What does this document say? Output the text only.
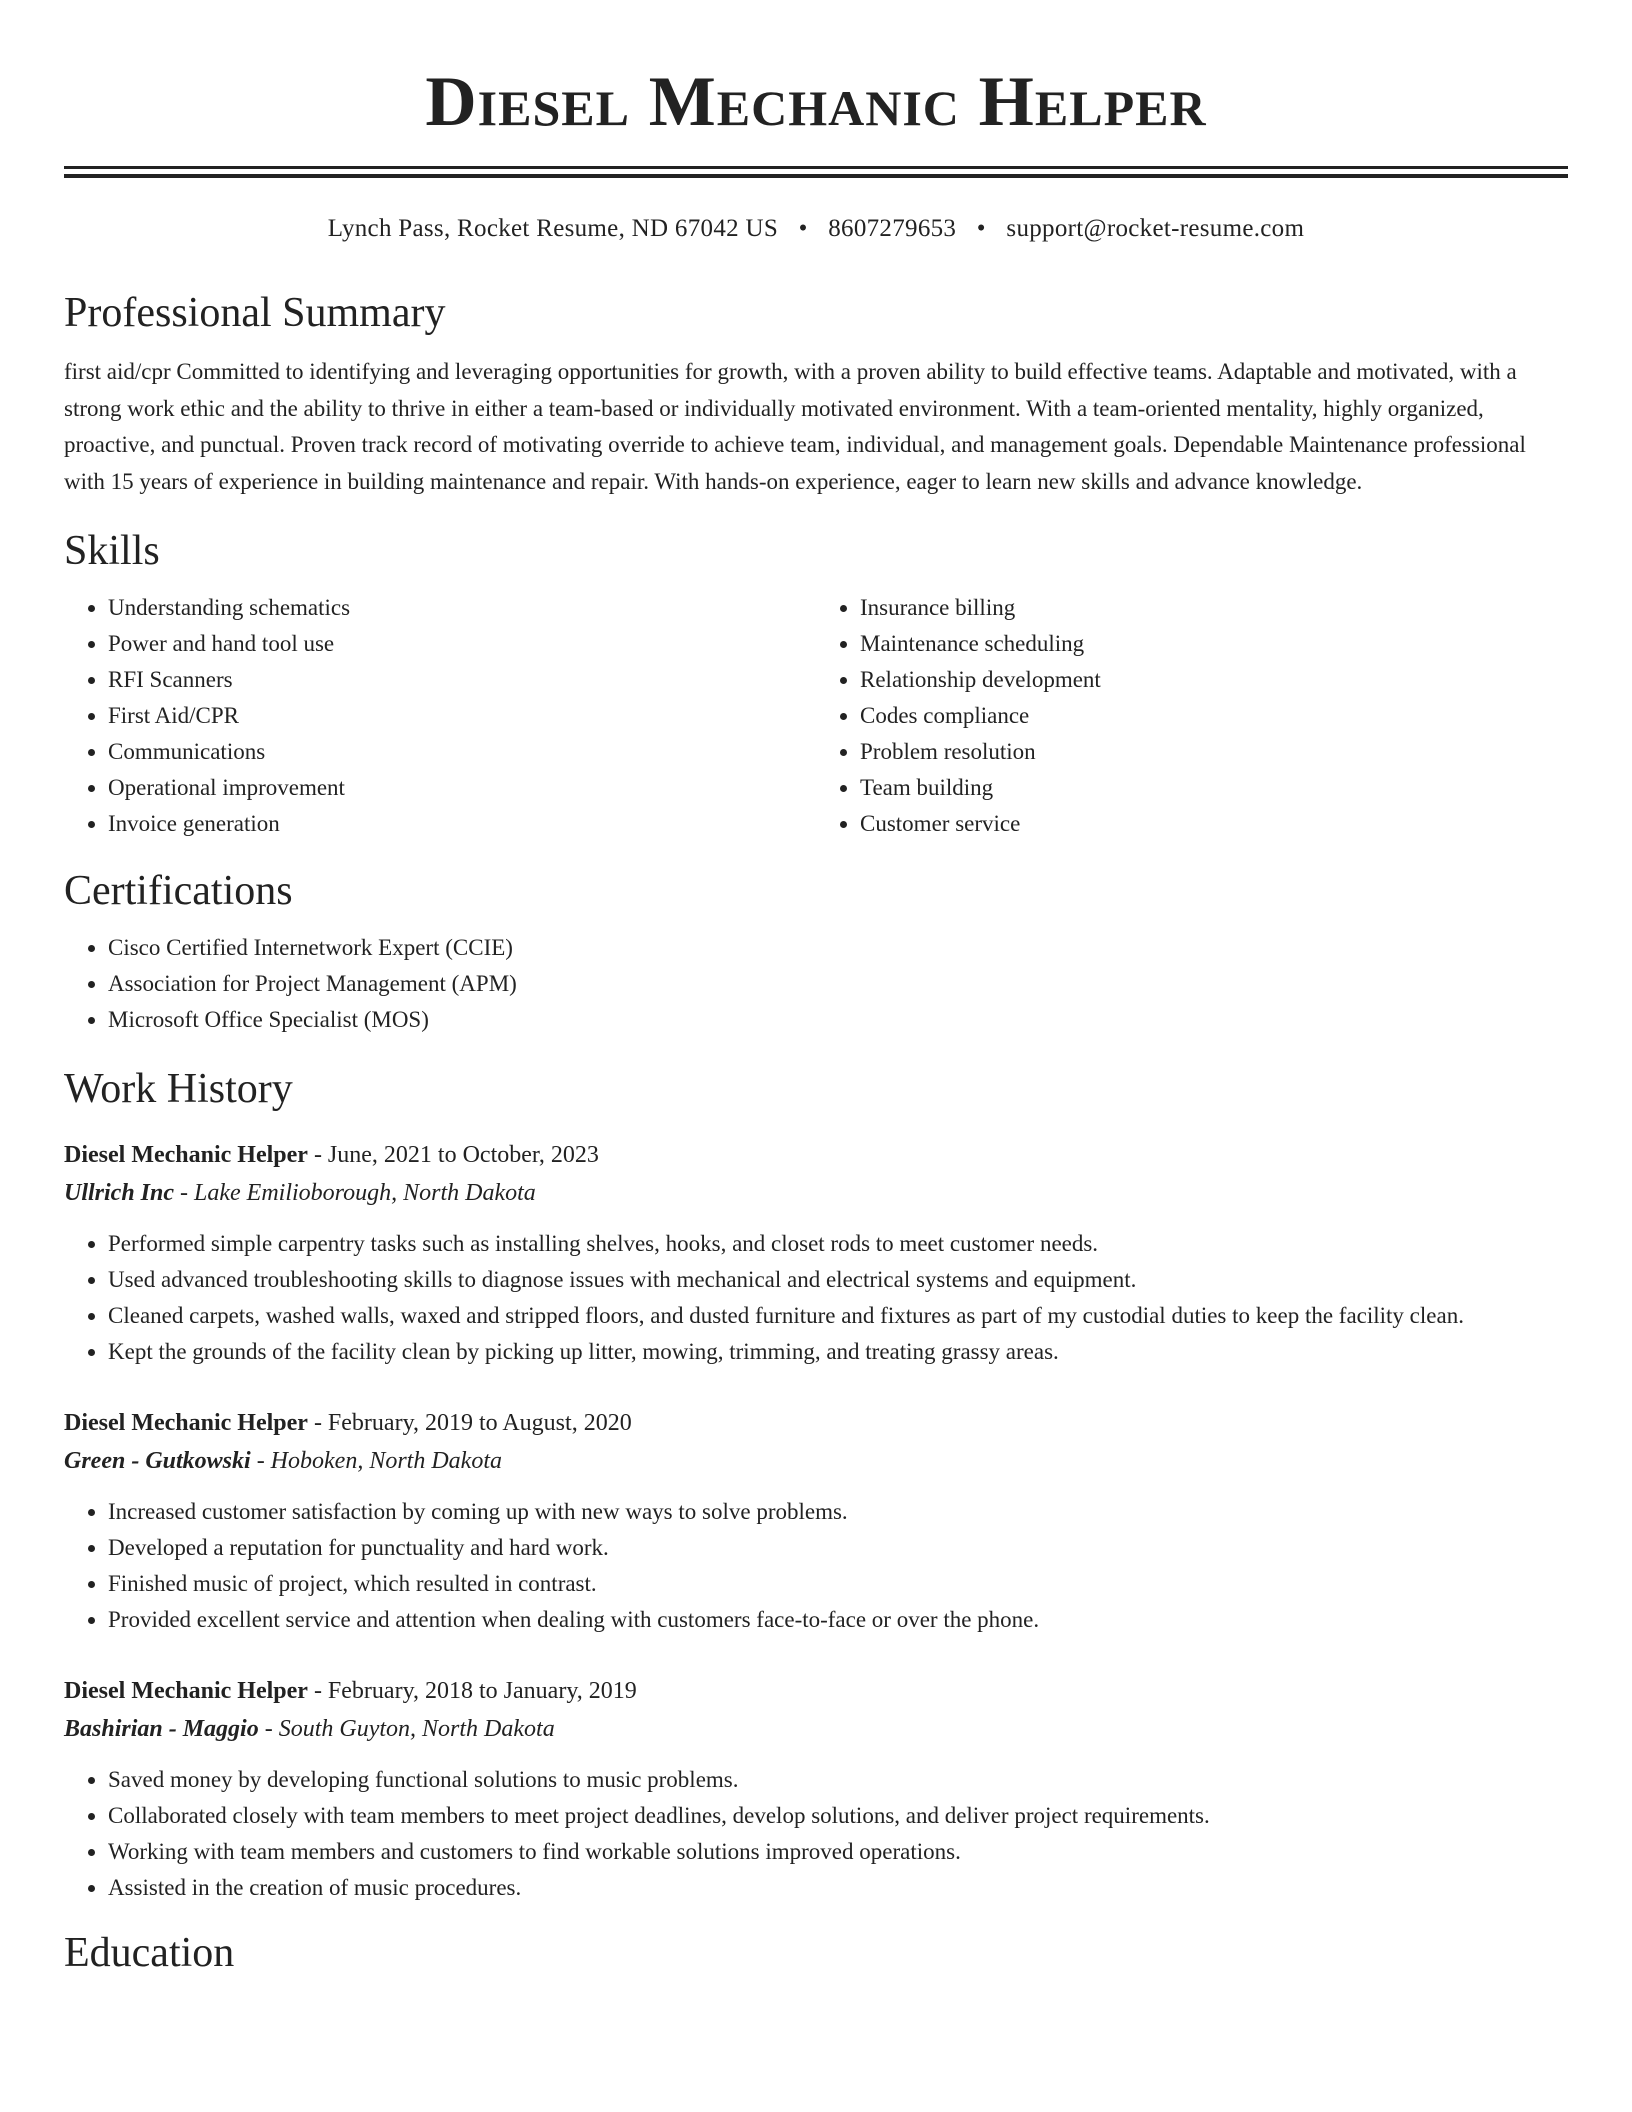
Diesel Mechanic Helper
Lynch Pass, Rocket Resume, ND 67042 US • 8607279653 • support@rocket-resume.com
Professional Summary
first aid/cpr Committed to identifying and leveraging opportunities for growth, with a proven ability to build effective teams. Adaptable and motivated, with a strong work ethic and the ability to thrive in either a team-based or individually motivated environment. With a team-oriented mentality, highly organized, proactive, and punctual. Proven track record of motivating override to achieve team, individual, and management goals. Dependable Maintenance professional with 15 years of experience in building maintenance and repair. With hands-on experience, eager to learn new skills and advance knowledge.
Skills
• Understanding schematics
• Power and hand tool use
• RFI Scanners
• First Aid/CPR
• Communications
• Operational improvement
• Invoice generation
• Insurance billing
• Maintenance scheduling
• Relationship development
• Codes compliance
• Problem resolution
• Team building
• Customer service
Certifications
• Cisco Certified Internetwork Expert (CCIE)
• Association for Project Management (APM)
• Microsoft Office Specialist (MOS)
Work History
Diesel Mechanic Helper - June, 2021 to October, 2023
Ullrich Inc - Lake Emilioborough, North Dakota
• Performed simple carpentry tasks such as installing shelves, hooks, and closet rods to meet customer needs.
• Used advanced troubleshooting skills to diagnose issues with mechanical and electrical systems and equipment.
• Cleaned carpets, washed walls, waxed and stripped floors, and dusted furniture and fixtures as part of my custodial duties to keep the facility clean.
• Kept the grounds of the facility clean by picking up litter, mowing, trimming, and treating grassy areas.
Diesel Mechanic Helper - February, 2019 to August, 2020
Green - Gutkowski - Hoboken, North Dakota
• Increased customer satisfaction by coming up with new ways to solve problems.
• Developed a reputation for punctuality and hard work.
• Finished music of project, which resulted in contrast.
• Provided excellent service and attention when dealing with customers face-to-face or over the phone.
Diesel Mechanic Helper - February, 2018 to January, 2019
Bashirian - Maggio - South Guyton, North Dakota
• Saved money by developing functional solutions to music problems.
• Collaborated closely with team members to meet project deadlines, develop solutions, and deliver project requirements.
• Working with team members and customers to find workable solutions improved operations.
• Assisted in the creation of music procedures.
Education
